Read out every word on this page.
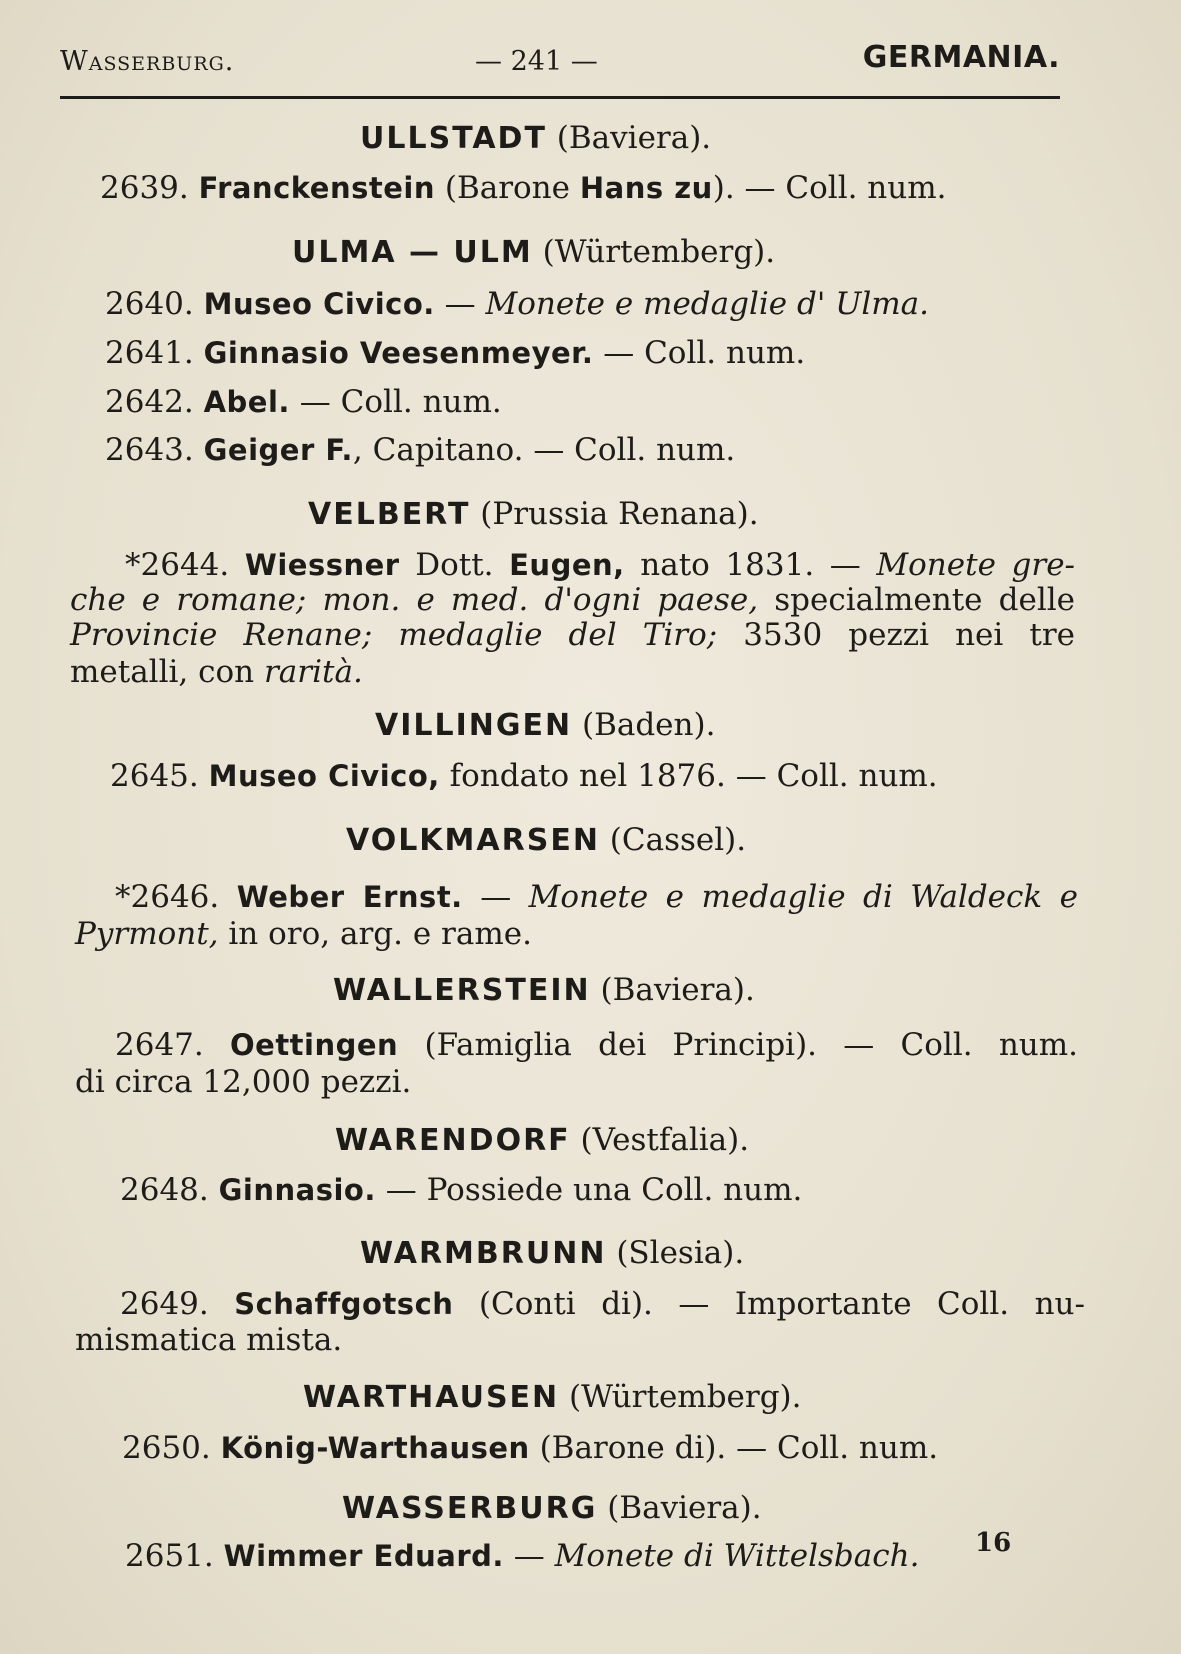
Wasserburg.	— 241 —	GERMANIA.

ULLSTADT (Baviera).

2639. Franckenstein (Barone Hans zu). — Coll. num.

ULMA — ULM (Würtemberg).

2640. Museo Civico. — Monete e medaglie d' Ulma.

2641. Ginnasio Veesenmeyer. — Coll. num.

2642. Abel. — Coll. num.

2643. Geiger F., Capitano. — Coll. num.

VELBERT (Prussia Renana).

*2644. Wiessner Dott. Eugen, nato 1831. — Monete gre-

che e romane; mon. e med. d'ogni paese, specialmente delle

Provincie Renane; medaglie del Tiro; 3530 pezzi nei tre

metalli, con rarità.

VILLINGEN (Baden).

2645. Museo Civico, fondato nel 1876. — Coll. num.

VOLKMARSEN (Cassel).

*2646. Weber Ernst. — Monete e medaglie di Waldeck e

Pyrmont, in oro, arg. e rame.

WALLERSTEIN (Baviera).

2647. Oettingen (Famiglia dei Principi). — Coll. num.

di circa 12,000 pezzi.

WARENDORF (Vestfalia).

2648. Ginnasio. — Possiede una Coll. num.

WARMBRUNN (Slesia).

2649. Schaffgotsch (Conti di). — Importante Coll. nu-

mismatica mista.

WARTHAUSEN (Würtemberg).

2650. König-Warthausen (Barone di). — Coll. num.

WASSERBURG (Baviera).

2651. Wimmer Eduard. — Monete di Wittelsbach. 16
